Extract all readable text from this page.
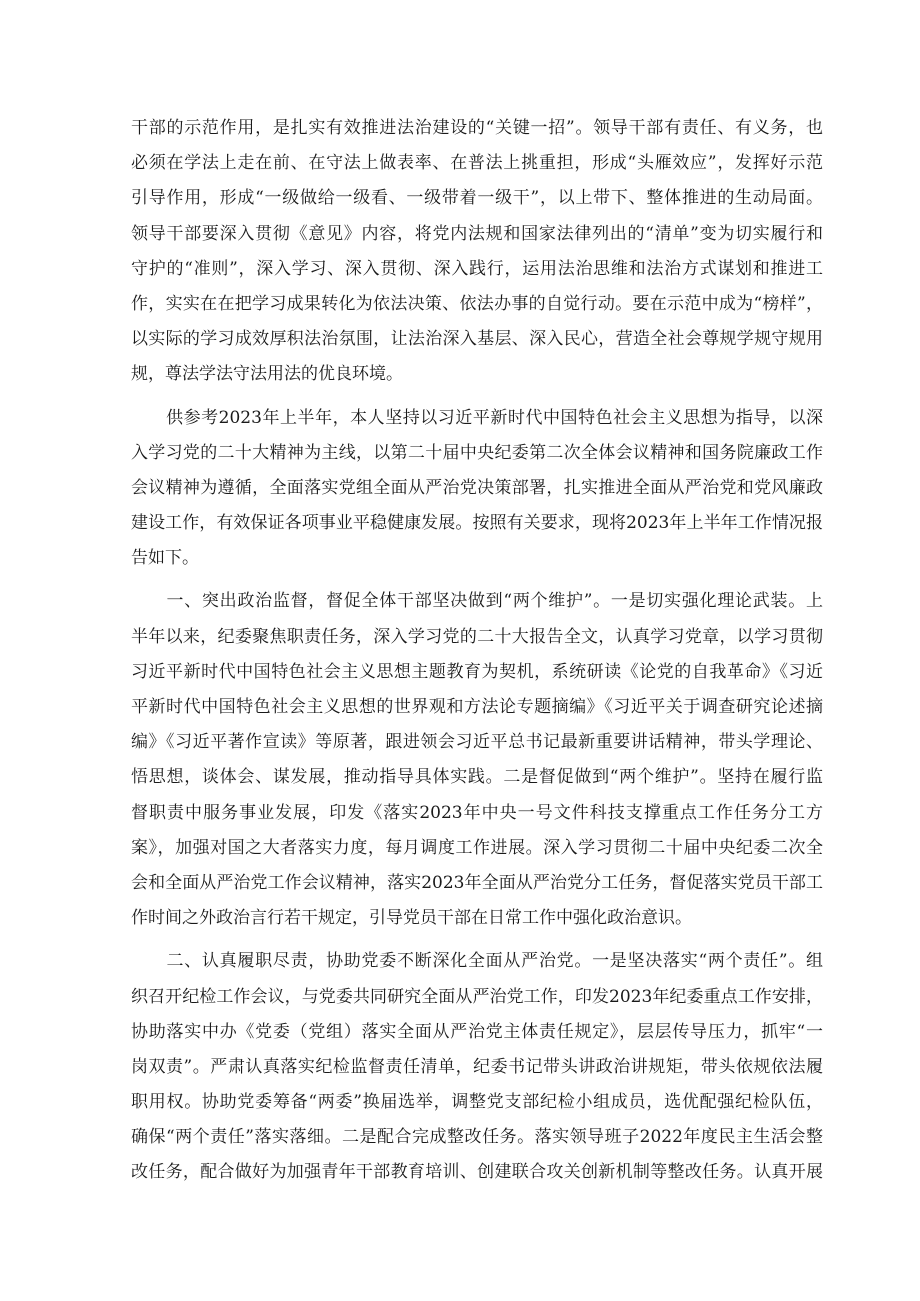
干部的示范作用，是扎实有效推进法治建设的“关键一招”。领导干部有责任、有义务，也
必须在学法上走在前、在守法上做表率、在普法上挑重担，形成“头雁效应”，发挥好示范
引导作用，形成“一级做给一级看、一级带着一级干”，以上带下、整体推进的生动局面。
领导干部要深入贯彻《意见》内容，将党内法规和国家法律列出的“清单”变为切实履行和
守护的“准则”，深入学习、深入贯彻、深入践行，运用法治思维和法治方式谋划和推进工
作，实实在在把学习成果转化为依法决策、依法办事的自觉行动。要在示范中成为“榜样”，
以实际的学习成效厚积法治氛围，让法治深入基层、深入民心，营造全社会尊规学规守规用
规，尊法学法守法用法的优良环境。
　　供参考2023年上半年，本人坚持以习近平新时代中国特色社会主义思想为指导，以深
入学习党的二十大精神为主线，以第二十届中央纪委第二次全体会议精神和国务院廉政工作
会议精神为遵循，全面落实党组全面从严治党决策部署，扎实推进全面从严治党和党风廉政
建设工作，有效保证各项事业平稳健康发展。按照有关要求，现将2023年上半年工作情况报
告如下。
　　一、突出政治监督，督促全体干部坚决做到“两个维护”。一是切实强化理论武装。上
半年以来，纪委聚焦职责任务，深入学习党的二十大报告全文，认真学习党章，以学习贯彻
习近平新时代中国特色社会主义思想主题教育为契机，系统研读《论党的自我革命》《习近
平新时代中国特色社会主义思想的世界观和方法论专题摘编》《习近平关于调查研究论述摘
编》《习近平著作宣读》等原著，跟进领会习近平总书记最新重要讲话精神，带头学理论、
悟思想，谈体会、谋发展，推动指导具体实践。二是督促做到“两个维护”。坚持在履行监
督职责中服务事业发展，印发《落实2023年中央一号文件科技支撑重点工作任务分工方
案》，加强对国之大者落实力度，每月调度工作进展。深入学习贯彻二十届中央纪委二次全
会和全面从严治党工作会议精神，落实2023年全面从严治党分工任务，督促落实党员干部工
作时间之外政治言行若干规定，引导党员干部在日常工作中强化政治意识。
　　二、认真履职尽责，协助党委不断深化全面从严治党。一是坚决落实“两个责任”。组
织召开纪检工作会议，与党委共同研究全面从严治党工作，印发2023年纪委重点工作安排，
协助落实中办《党委（党组）落实全面从严治党主体责任规定》，层层传导压力，抓牢“一
岗双责”。严肃认真落实纪检监督责任清单，纪委书记带头讲政治讲规矩，带头依规依法履
职用权。协助党委筹备“两委”换届选举，调整党支部纪检小组成员，选优配强纪检队伍，
确保“两个责任”落实落细。二是配合完成整改任务。落实领导班子2022年度民主生活会整
改任务，配合做好为加强青年干部教育培训、创建联合攻关创新机制等整改任务。认真开展
